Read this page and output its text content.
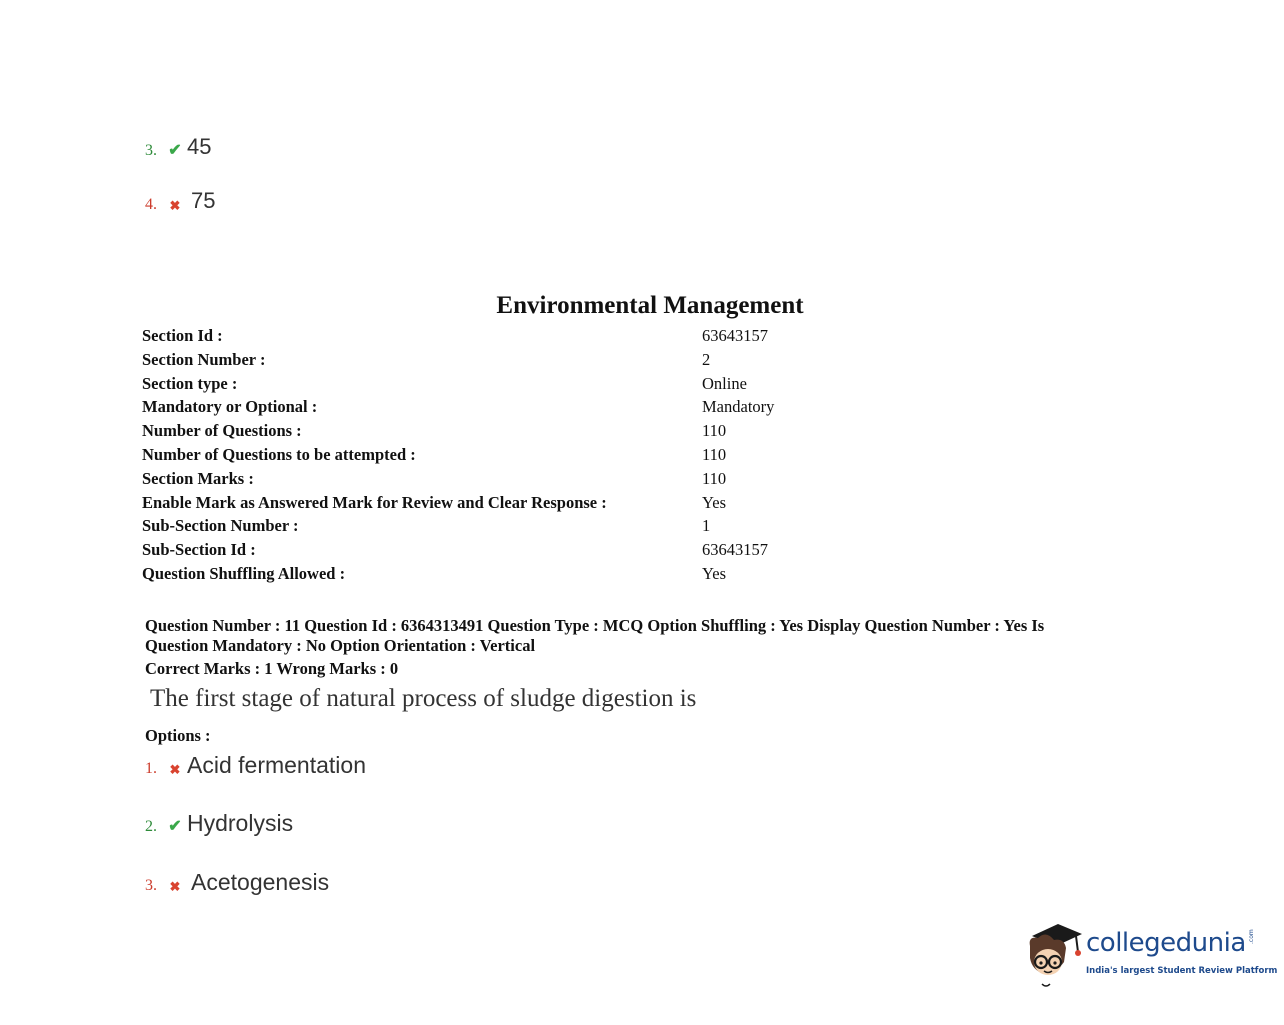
3. ✔ 45
4. ✖ 75
Environmental Management
Section Id :	63643157
Section Number :	2
Section type :	Online
Mandatory or Optional :	Mandatory
Number of Questions :	110
Number of Questions to be attempted :	110
Section Marks :	110
Enable Mark as Answered Mark for Review and Clear Response :	Yes
Sub-Section Number :	1
Sub-Section Id :	63643157
Question Shuffling Allowed :	Yes
Question Number : 11 Question Id : 6364313491 Question Type : MCQ Option Shuffling : Yes Display Question Number : Yes Is Question Mandatory : No Option Orientation : Vertical
Correct Marks : 1 Wrong Marks : 0
The first stage of natural process of sludge digestion is
Options :
1. ✖ Acid fermentation
2. ✔ Hydrolysis
3. ✖ Acetogenesis
collegedunia .com
India's largest Student Review Platform
